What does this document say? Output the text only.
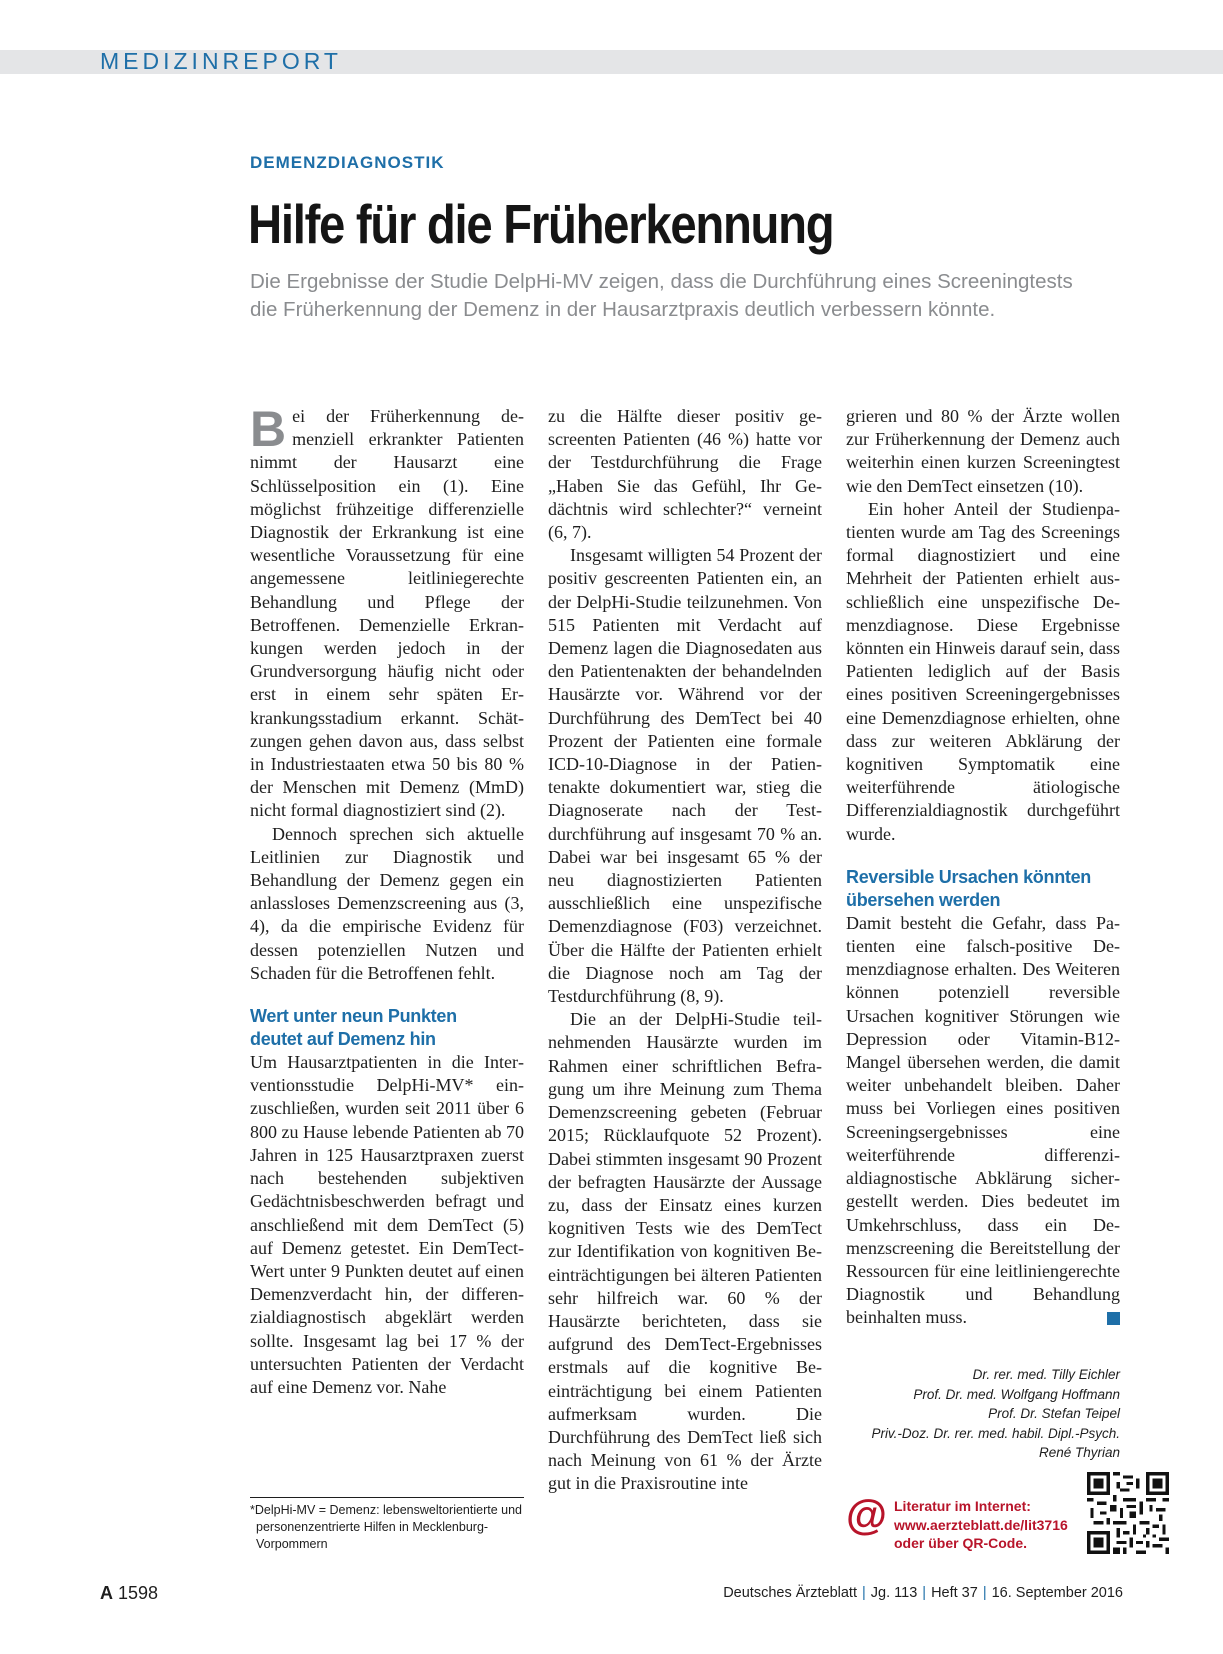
MEDIZINREPORT
DEMENZDIAGNOSTIK
Hilfe für die Früherkennung

Die Ergebnisse der Studie DelpHi-MV zeigen, dass die Durchführung eines Screeningtests die Früherkennung der Demenz in der Hausarztpraxis deutlich verbessern könnte.

Bei der Früherkennung demenziell erkrankter Patienten nimmt der Hausarzt eine Schlüsselposition ein (1). Eine möglichst frühzeitige differenzielle Diagnostik der Erkrankung ist eine wesentliche Voraussetzung für eine angemessene leitliniegerechte Behandlung und Pflege der Betroffenen. Demenzielle Erkrankungen werden jedoch in der Grundversorgung häufig nicht oder erst in einem sehr späten Erkrankungsstadium erkannt. Schätzungen gehen davon aus, dass selbst in Industriestaaten etwa 50 bis 80 % der Menschen mit Demenz (MmD) nicht formal diagnostiziert sind (2).

Dennoch sprechen sich aktuelle Leitlinien zur Diagnostik und Behandlung der Demenz gegen ein anlassloses Demenzscreening aus (3, 4), da die empirische Evidenz für dessen potenziellen Nutzen und Schaden für die Betroffenen fehlt.

Wert unter neun Punkten
deutet auf Demenz hin

Um Hausarztpatienten in die Interventionsstudie DelpHi-MV* einzuschließen, wurden seit 2011 über 6 800 zu Hause lebende Patienten ab 70 Jahren in 125 Hausarztpraxen zuerst nach bestehenden subjektiven Gedächtnisbeschwerden befragt und anschließend mit dem DemTect (5) auf Demenz getestet. Ein DemTect-Wert unter 9 Punkten deutet auf einen Demenzverdacht hin, der differenzialdiagnostisch abgeklärt werden sollte. Insgesamt lag bei 17 % der untersuchten Patienten der Verdacht auf eine Demenz vor. Nahe

zu die Hälfte dieser positiv gescreenten Patienten (46 %) hatte vor der Testdurchführung die Frage „Haben Sie das Gefühl, Ihr Gedächtnis wird schlechter?“ verneint (6, 7).

Insgesamt willigten 54 Prozent der positiv gescreenten Patienten ein, an der DelpHi-Studie teilzunehmen. Von 515 Patienten mit Verdacht auf Demenz lagen die Diagnosedaten aus den Patientenakten der behandelnden Hausärzte vor. Während vor der Durchführung des DemTect bei 40 Prozent der Patienten eine formale ICD-10-Diagnose in der Patientenakte dokumentiert war, stieg die Diagnoserate nach der Testdurchführung auf insgesamt 70 % an. Dabei war bei insgesamt 65 % der neu diagnostizierten Patienten ausschließlich eine unspezifische Demenzdiagnose (F03) verzeichnet. Über die Hälfte der Patienten erhielt die Diagnose noch am Tag der Testdurchführung (8, 9).

Die an der DelpHi-Studie teilnehmenden Hausärzte wurden im Rahmen einer schriftlichen Befragung um ihre Meinung zum Thema Demenzscreening gebeten (Februar 2015; Rücklaufquote 52 Prozent). Dabei stimmten insgesamt 90 Prozent der befragten Hausärzte der Aussage zu, dass der Einsatz eines kurzen kognitiven Tests wie des DemTect zur Identifikation von kognitiven Beeinträchtigungen bei älteren Patienten sehr hilfreich war. 60 % der Hausärzte berichteten, dass sie aufgrund des DemTect-Ergebnisses erstmals auf die kognitive Beeinträchtigung bei einem Patienten aufmerksam wurden. Die Durchführung des DemTect ließ sich nach Meinung von 61 % der Ärzte gut in die Praxisroutine inte

grieren und 80 % der Ärzte wollen zur Früherkennung der Demenz auch weiterhin einen kurzen Screeningtest wie den DemTect einsetzen (10).

Ein hoher Anteil der Studienpatienten wurde am Tag des Screenings formal diagnostiziert und eine Mehrheit der Patienten erhielt ausschließlich eine unspezifische Demenzdiagnose. Diese Ergebnisse könnten ein Hinweis darauf sein, dass Patienten lediglich auf der Basis eines positiven Screeningergebnisses eine Demenzdiagnose erhielten, ohne dass zur weiteren Abklärung der kognitiven Symptomatik eine weiterführende ätiologische Differenzialdiagnostik durchgeführt wurde.

Reversible Ursachen könnten
übersehen werden

Damit besteht die Gefahr, dass Patienten eine falsch-positive Demenzdiagnose erhalten. Des Weiteren können potenziell reversible Ursachen kognitiver Störungen wie Depression oder Vitamin-B12-Mangel übersehen werden, die damit weiter unbehandelt bleiben. Daher muss bei Vorliegen eines positiven Screeningsergebnisses eine weiterführende differenzialdiagnostische Abklärung sichergestellt werden. Dies bedeutet im Umkehrschluss, dass ein Demenzscreening die Bereitstellung der Ressourcen für eine leitliniengerechte Diagnostik und Behandlung beinhalten muss.

Dr. rer. med. Tilly Eichler
Prof. Dr. med. Wolfgang Hoffmann
Prof. Dr. Stefan Teipel
Priv.-Doz. Dr. rer. med. habil. Dipl.-Psych.
René Thyrian
*DelpHi-MV = Demenz: lebensweltorientierte und personenzentrierte Hilfen in Mecklenburg-Vorpommern
@ Literatur im Internet:
www.aerzteblatt.de/lit3716
oder über QR-Code.
A 1598	Deutsches Ärzteblatt | Jg. 113 | Heft 37 | 16. September 2016
